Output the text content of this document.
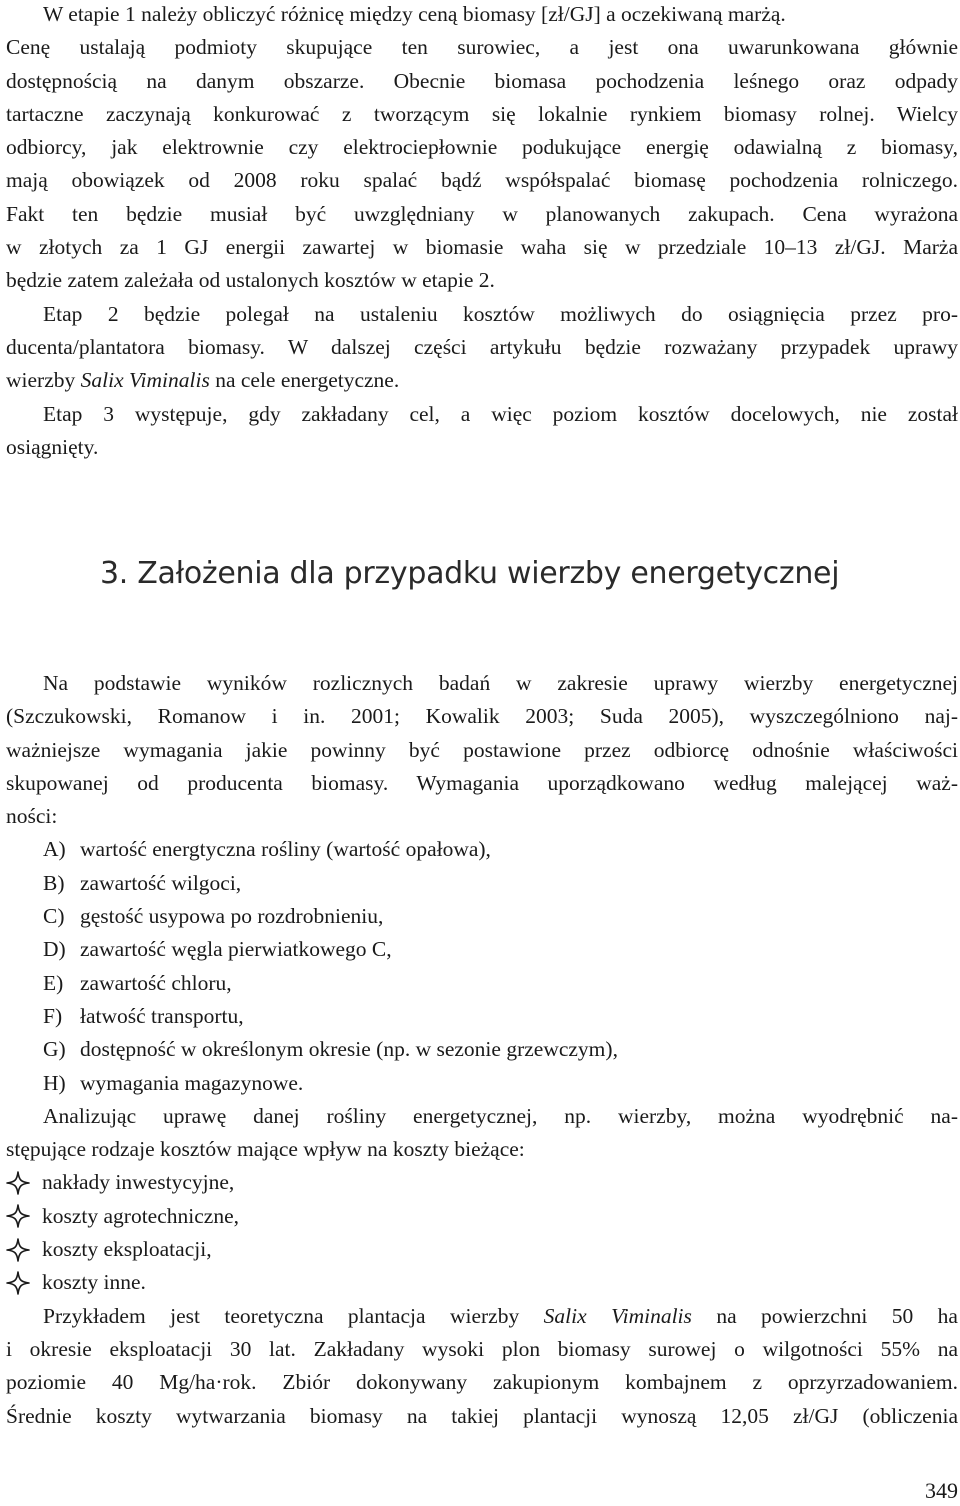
W etapie 1 należy obliczyć różnicę między ceną biomasy [zł/GJ] a oczekiwaną marżą.
Cenę ustalają podmioty skupujące ten surowiec, a jest ona uwarunkowana głównie
dostępnością na danym obszarze. Obecnie biomasa pochodzenia leśnego oraz odpady
tartaczne zaczynają konkurować z tworzącym się lokalnie rynkiem biomasy rolnej. Wielcy
odbiorcy, jak elektrownie czy elektrociepłownie podukujące energię odawialną z biomasy,
mają obowiązek od 2008 roku spalać bądź współspalać biomasę pochodzenia rolniczego.
Fakt ten będzie musiał być uwzględniany w planowanych zakupach. Cena wyrażona
w złotych za 1 GJ energii zawartej w biomasie waha się w przedziale 10–13 zł/GJ. Marża
będzie zatem zależała od ustalonych kosztów w etapie 2.
Etap 2 będzie polegał na ustaleniu kosztów możliwych do osiągnięcia przez pro-
ducenta/plantatora biomasy. W dalszej części artykułu będzie rozważany przypadek uprawy
wierzby Salix Viminalis na cele energetyczne.
Etap 3 występuje, gdy zakładany cel, a więc poziom kosztów docelowych, nie został
osiągnięty.
3. Założenia dla przypadku wierzby energetycznej
Na podstawie wyników rozlicznych badań w zakresie uprawy wierzby energetycznej
(Szczukowski, Romanow i in. 2001; Kowalik 2003; Suda 2005), wyszczególniono naj-
ważniejsze wymagania jakie powinny być postawione przez odbiorcę odnośnie właściwości
skupowanej od producenta biomasy. Wymagania uporządkowano według malejącej waż-
ności:
A) wartość energtyczna rośliny (wartość opałowa),
B) zawartość wilgoci,
C) gęstość usypowa po rozdrobnieniu,
D) zawartość węgla pierwiatkowego C,
E) zawartość chloru,
F) łatwość transportu,
G) dostępność w określonym okresie (np. w sezonie grzewczym),
H) wymagania magazynowe.
Analizując uprawę danej rośliny energetycznej, np. wierzby, można wyodrębnić na-
stępujące rodzaje kosztów mające wpływ na koszty bieżące:
nakłady inwestycyjne,
koszty agrotechniczne,
koszty eksploatacji,
koszty inne.
Przykładem jest teoretyczna plantacja wierzby Salix Viminalis na powierzchni 50 ha
i okresie eksploatacji 30 lat. Zakładany wysoki plon biomasy surowej o wilgotności 55% na
poziomie 40 Mg/ha·rok. Zbiór dokonywany zakupionym kombajnem z oprzyrzadowaniem.
Średnie koszty wytwarzania biomasy na takiej plantacji wynoszą 12,05 zł/GJ (obliczenia
349
